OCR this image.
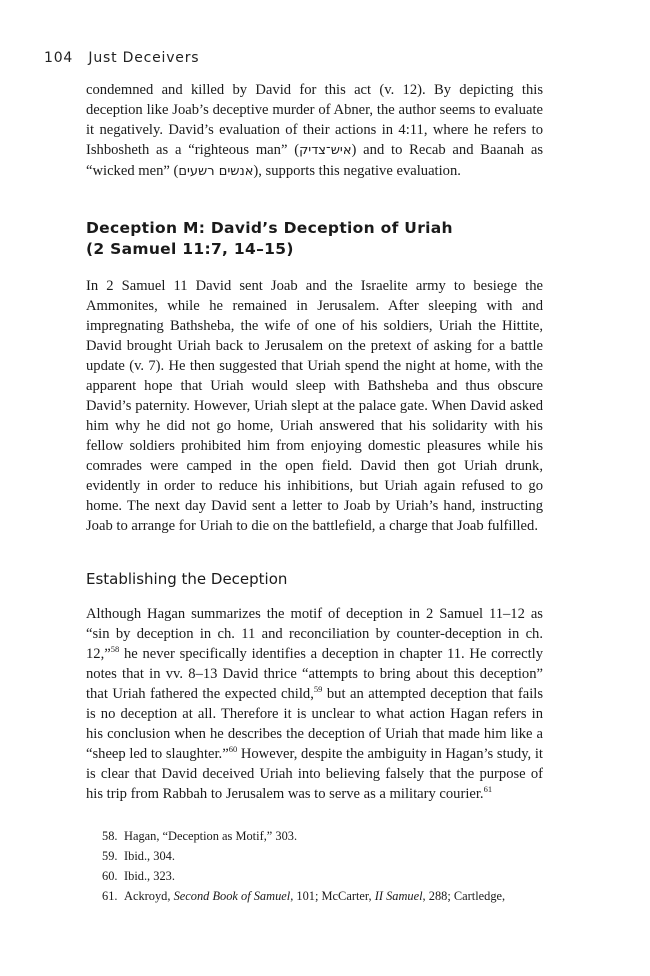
104 Just Deceivers

condemned and killed by David for this act (v. 12). By depicting this deception like Joab’s deceptive murder of Abner, the author seems to evaluate it negatively. David’s evaluation of their actions in 4:11, where he refers to Ishbosheth as a “righteous man” (איש־צדיק) and to Recab and Baanah as “wicked men” (אנשים רשעים), supports this negative evaluation.

Deception M: David’s Deception of Uriah
(2 Samuel 11:7, 14–15)

In 2 Samuel 11 David sent Joab and the Israelite army to besiege the Ammonites, while he remained in Jerusalem. After sleeping with and impregnating Bathsheba, the wife of one of his soldiers, Uriah the Hittite, David brought Uriah back to Jerusalem on the pretext of asking for a battle update (v. 7). He then suggested that Uriah spend the night at home, with the apparent hope that Uriah would sleep with Bathsheba and thus obscure David’s paternity. However, Uriah slept at the palace gate. When David asked him why he did not go home, Uriah answered that his solidarity with his fellow soldiers prohibited him from enjoying domestic pleasures while his comrades were camped in the open field. David then got Uriah drunk, evidently in order to reduce his inhibitions, but Uriah again refused to go home. The next day David sent a letter to Joab by Uriah’s hand, instructing Joab to arrange for Uriah to die on the battlefield, a charge that Joab fulfilled.

Establishing the Deception

Although Hagan summarizes the motif of deception in 2 Samuel 11–12 as “sin by deception in ch. 11 and reconciliation by counter-deception in ch. 12,”$^{58}$ he never specifically identifies a deception in chapter 11. He correctly notes that in vv. 8–13 David thrice “attempts to bring about this deception” that Uriah fathered the expected child,$^{59}$ but an attempted deception that fails is no deception at all. Therefore it is unclear to what action Hagan refers in his conclusion when he describes the deception of Uriah that made him like a “sheep led to slaughter.”$^{60}$ However, despite the ambiguity in Hagan’s study, it is clear that David deceived Uriah into believing falsely that the purpose of his trip from Rabbah to Jerusalem was to serve as a military courier.$^{61}$

58. Hagan, “Deception as Motif,” 303.
59. Ibid., 304.
60. Ibid., 323.
61. Ackroyd, Second Book of Samuel, 101; McCarter, II Samuel, 288; Cartledge,
